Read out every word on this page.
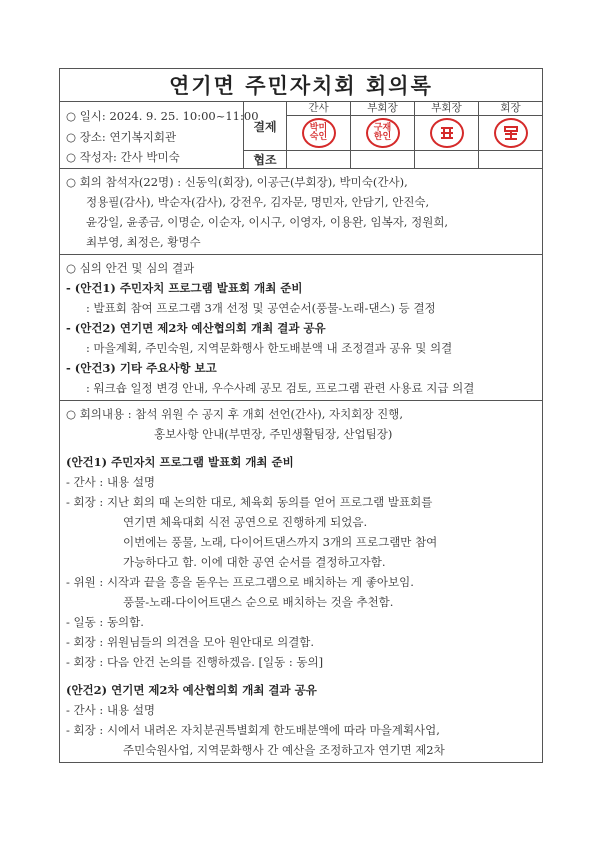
연기면 주민자치회 회의록
○ 일시: 2024. 9. 25. 10:00~11:00
○ 장소: 연기복지회관
○ 작성자: 간사 박미숙
결제
협조
간사
박미숙인
부회장
구재한인
부회장	회장
○ 회의 참석자(22명) : 신동익(회장), 이공근(부회장), 박미숙(간사),
정용필(감사), 박순자(감사), 강전우, 김자문, 명민자, 안담기, 안진숙,
윤강일, 윤종금, 이명순, 이순자, 이시구, 이영자, 이용완, 임복자, 정원희,
최부영, 최정은, 황명수
○ 심의 안건 및 심의 결과
- (안건1) 주민자치 프로그램 발표회 개최 준비
: 발표회 참여 프로그램 3개 선정 및 공연순서(풍물-노래-댄스) 등 결정
- (안건2) 연기면 제2차 예산협의회 개최 결과 공유
: 마을계획, 주민숙원, 지역문화행사 한도배분액 내 조정결과 공유 및 의결
- (안건3) 기타 주요사항 보고
: 워크숍 일정 변경 안내, 우수사례 공모 검토, 프로그램 관련 사용료 지급 의결
○ 회의내용 : 참석 위원 수 공지 후 개회 선언(간사), 자치회장 진행,
홍보사항 안내(부면장, 주민생활팀장, 산업팀장)
(안건1) 주민자치 프로그램 발표회 개최 준비
- 간사 : 내용 설명
- 회장 : 지난 회의 때 논의한 대로, 체육회 동의를 얻어 프로그램 발표회를
연기면 체육대회 식전 공연으로 진행하게 되었음.
이번에는 풍물, 노래, 다이어트댄스까지 3개의 프로그램만 참여
가능하다고 함. 이에 대한 공연 순서를 결정하고자함.
- 위원 : 시작과 끝을 흥을 돋우는 프로그램으로 배치하는 게 좋아보임.
풍물-노래-다이어트댄스 순으로 배치하는 것을 추천함.
- 일동 : 동의함.
- 회장 : 위원님들의 의견을 모아 원안대로 의결함.
- 회장 : 다음 안건 논의를 진행하겠음. [일동 : 동의]
(안건2) 연기면 제2차 예산협의회 개최 결과 공유
- 간사 : 내용 설명
- 회장 : 시에서 내려온 자치분권특별회계 한도배분액에 따라 마을계획사업,
주민숙원사업, 지역문화행사 간 예산을 조정하고자 연기면 제2차
